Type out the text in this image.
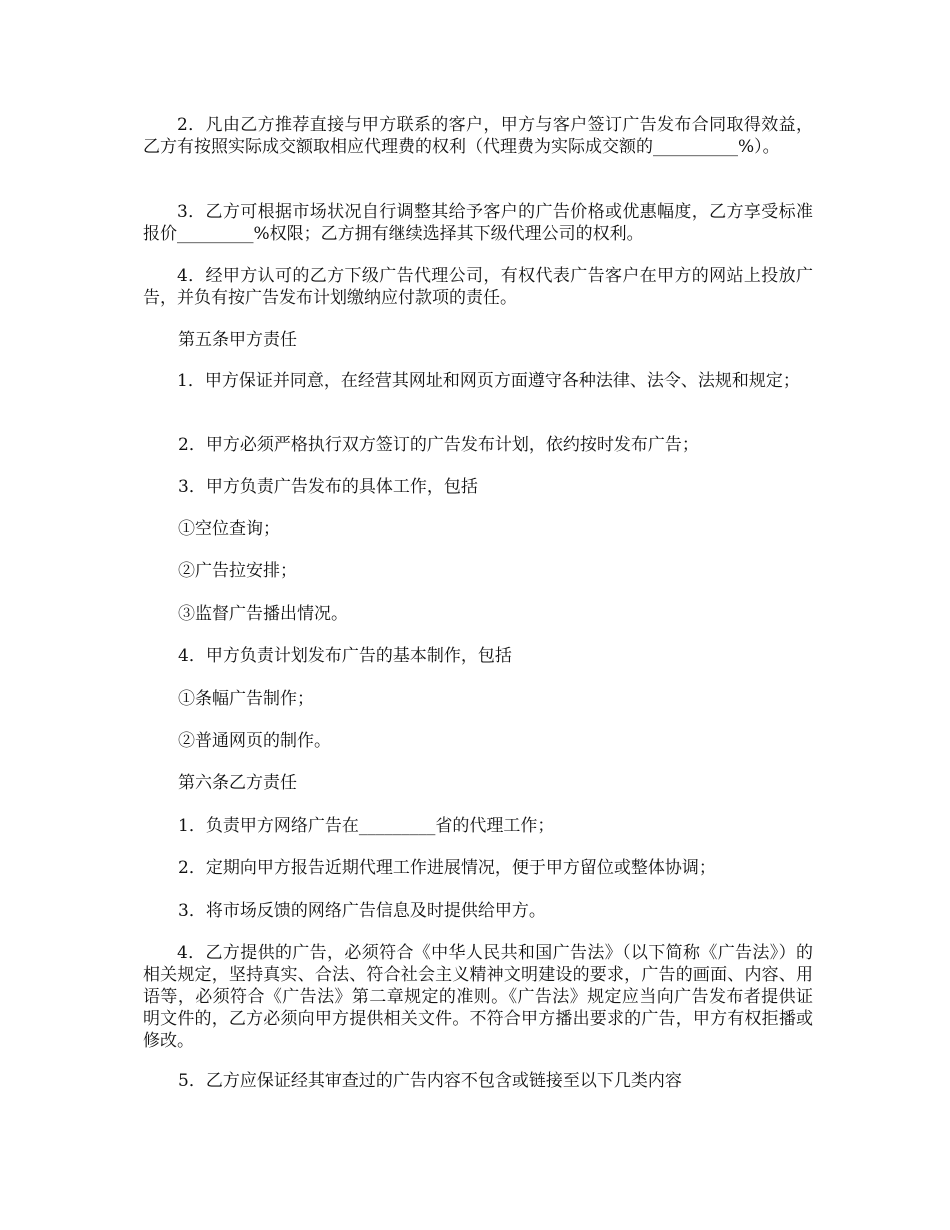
2．凡由乙方推荐直接与甲方联系的客户，甲方与客户签订广告发布合同取得效益，乙方有按照实际成交额取相应代理费的权利（代理费为实际成交额的__________%）。

3．乙方可根据市场状况自行调整其给予客户的广告价格或优惠幅度，乙方享受标准报价_________%权限；乙方拥有继续选择其下级代理公司的权利。

4．经甲方认可的乙方下级广告代理公司，有权代表广告客户在甲方的网站上投放广告，并负有按广告发布计划缴纳应付款项的责任。

第五条甲方责任

1．甲方保证并同意，在经营其网址和网页方面遵守各种法律、法令、法规和规定；

2．甲方必须严格执行双方签订的广告发布计划，依约按时发布广告；

3．甲方负责广告发布的具体工作，包括

①空位查询；

②广告拉安排；

③监督广告播出情况。

4．甲方负责计划发布广告的基本制作，包括

①条幅广告制作；

②普通网页的制作。

第六条乙方责任

1．负责甲方网络广告在_________省的代理工作；

2．定期向甲方报告近期代理工作进展情况，便于甲方留位或整体协调；

3．将市场反馈的网络广告信息及时提供给甲方。

4．乙方提供的广告，必须符合《中华人民共和国广告法》（以下简称《广告法》）的相关规定，坚持真实、合法、符合社会主义精神文明建设的要求，广告的画面、内容、用语等，必须符合《广告法》第二章规定的准则。《广告法》规定应当向广告发布者提供证明文件的，乙方必须向甲方提供相关文件。不符合甲方播出要求的广告，甲方有权拒播或修改。

5．乙方应保证经其审查过的广告内容不包含或链接至以下几类内容
